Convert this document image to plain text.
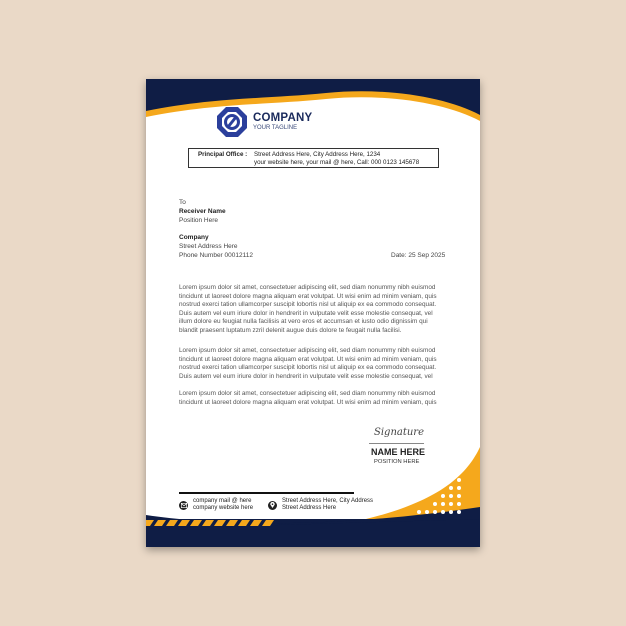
COMPANY
YOUR TAGLINE
Principal Office :	Street Address Here, City Address Here, 1234
your website here, your mail @ here, Call: 000 0123 145678
To
Receiver Name
Position Here
Company
Street Address Here
Phone Number 00012112	Date: 25 Sep 2025
Lorem ipsum dolor sit amet, consectetuer adipiscing elit, sed diam nonummy nibh euismod tincidunt ut laoreet dolore magna aliquam erat volutpat. Ut wisi enim ad minim veniam, quis nostrud exerci tation ullamcorper suscipit lobortis nisl ut aliquip ex ea commodo consequat. Duis autem vel eum iriure dolor in hendrerit in vulputate velit esse molestie consequat, vel illum dolore eu feugiat nulla facilisis at vero eros et accumsan et iusto odio dignissim qui blandit praesent luptatum zzril delenit augue duis dolore te feugait nulla facilisi.
Lorem ipsum dolor sit amet, consectetuer adipiscing elit, sed diam nonummy nibh euismod tincidunt ut laoreet dolore magna aliquam erat volutpat. Ut wisi enim ad minim veniam, quis nostrud exerci tation ullamcorper suscipit lobortis nisl ut aliquip ex ea commodo consequat. Duis autem vel eum iriure dolor in hendrerit in vulputate velit esse molestie consequat, vel
Lorem ipsum dolor sit amet, consectetuer adipiscing elit, sed diam nonummy nibh euismod tincidunt ut laoreet dolore magna aliquam erat volutpat. Ut wisi enim ad minim veniam, quis
Signature
NAME HERE
POSITION HERE
company mail @ here
company website here
Street Address Here, City Address
Street Address Here
